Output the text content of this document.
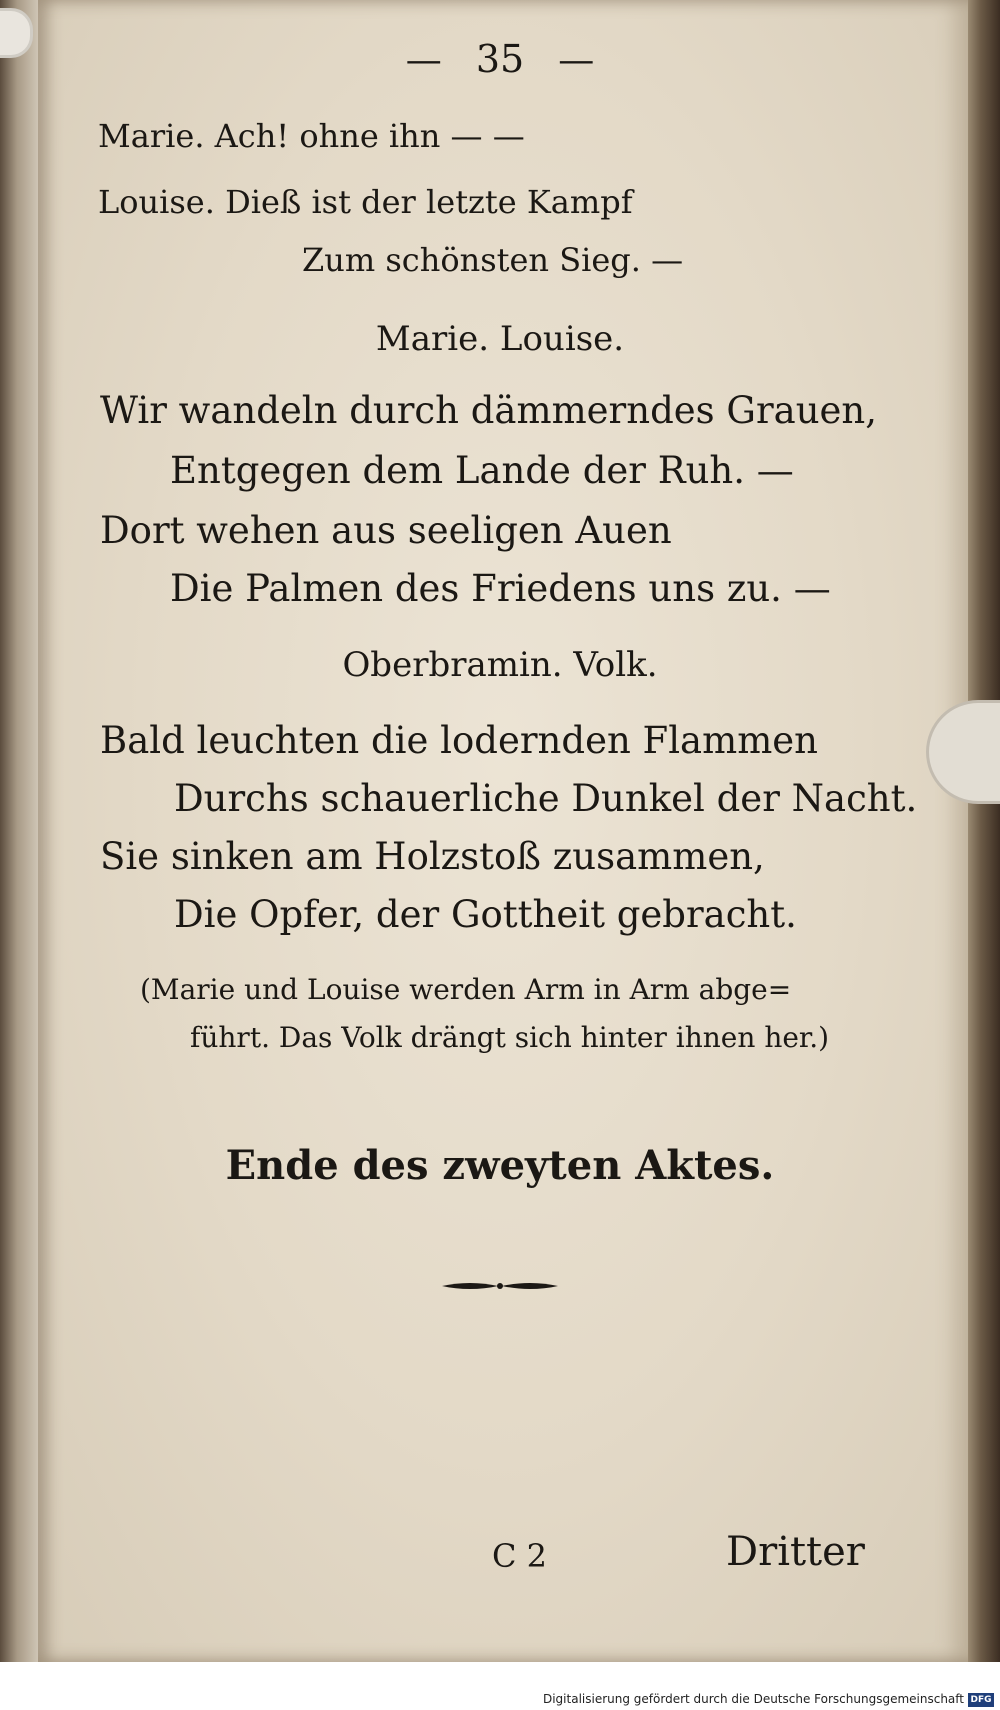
— 35 —
Marie. Ach! ohne ihn — —
Louise. Dieß ist der letzte Kampf
Zum schönsten Sieg. —
Marie. Louise.
Wir wandeln durch dämmerndes Grauen,
Entgegen dem Lande der Ruh. —
Dort wehen aus seeligen Auen
Die Palmen des Friedens uns zu. —
Oberbramin. Volk.
Bald leuchten die lodernden Flammen
Durchs schauerliche Dunkel der Nacht.
Sie sinken am Holzstoß zusammen,
Die Opfer, der Gottheit gebracht.
(Marie und Louise werden Arm in Arm abge=
führt. Das Volk drängt sich hinter ihnen her.)
Ende des zweyten Aktes.
C 2	Dritter
Digitalisierung gefördert durch die Deutsche Forschungsgemeinschaft DFG
